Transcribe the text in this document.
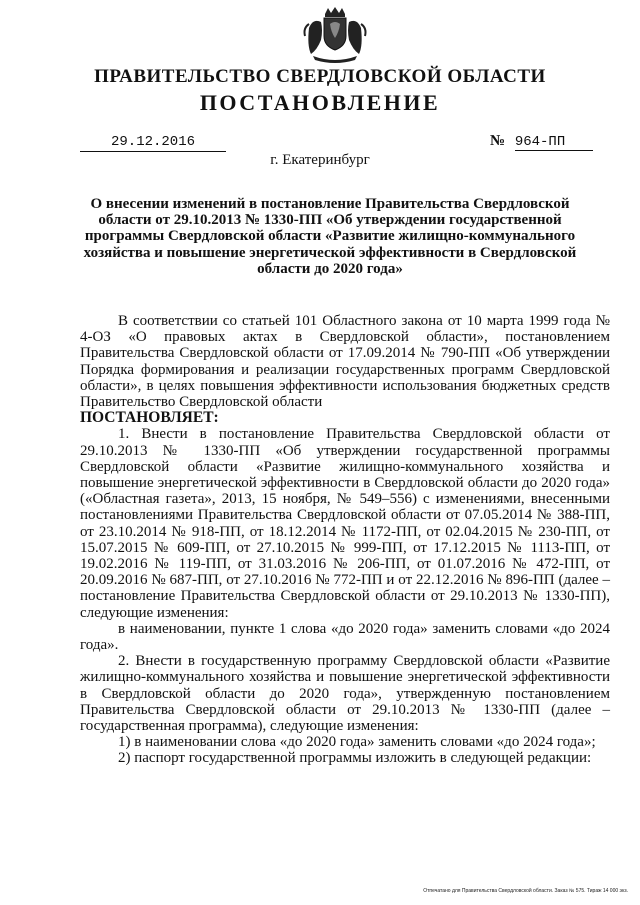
ПРАВИТЕЛЬСТВО СВЕРДЛОВСКОЙ ОБЛАСТИ
ПОСТАНОВЛЕНИЕ
29.12.2016	№ 964-ПП
г. Екатеринбург
О внесении изменений в постановление Правительства Свердловской области от 29.10.2013 № 1330-ПП «Об утверждении государственной программы Свердловской области «Развитие жилищно-коммунального хозяйства и повышение энергетической эффективности в Свердловской области до 2020 года»

В соответствии со статьей 101 Областного закона от 10 марта 1999 года № 4-ОЗ «О правовых актах в Свердловской области», постановлением Правительства Свердловской области от 17.09.2014 № 790-ПП «Об утверждении Порядка формирования и реализации государственных программ Свердловской области», в целях повышения эффективности использования бюджетных средств Правительство Свердловской области

ПОСТАНОВЛЯЕТ:

1. Внести в постановление Правительства Свердловской области от 29.10.2013 № 1330-ПП «Об утверждении государственной программы Свердловской области «Развитие жилищно-коммунального хозяйства и повышение энергетической эффективности в Свердловской области до 2020 года» («Областная газета», 2013, 15 ноября, № 549–556) с изменениями, внесенными постановлениями Правительства Свердловской области от 07.05.2014 № 388-ПП, от 23.10.2014 № 918-ПП, от 18.12.2014 № 1172-ПП, от 02.04.2015 № 230-ПП, от 15.07.2015 № 609-ПП, от 27.10.2015 № 999-ПП, от 17.12.2015 № 1113-ПП, от 19.02.2016 № 119-ПП, от 31.03.2016 № 206-ПП, от 01.07.2016 № 472-ПП, от 20.09.2016 № 687-ПП, от 27.10.2016 № 772-ПП и от 22.12.2016 № 896-ПП (далее – постановление Правительства Свердловской области от 29.10.2013 № 1330-ПП), следующие изменения:

в наименовании, пункте 1 слова «до 2020 года» заменить словами «до 2024 года».

2. Внести в государственную программу Свердловской области «Развитие жилищно-коммунального хозяйства и повышение энергетической эффективности в Свердловской области до 2020 года», утвержденную постановлением Правительства Свердловской области от 29.10.2013 № 1330-ПП (далее – государственная программа), следующие изменения:

1) в наименовании слова «до 2020 года» заменить словами «до 2024 года»;

2) паспорт государственной программы изложить в следующей редакции:

Отпечатано для Правительства Свердловской области. Заказ № 575. Тираж 14 000 экз.
